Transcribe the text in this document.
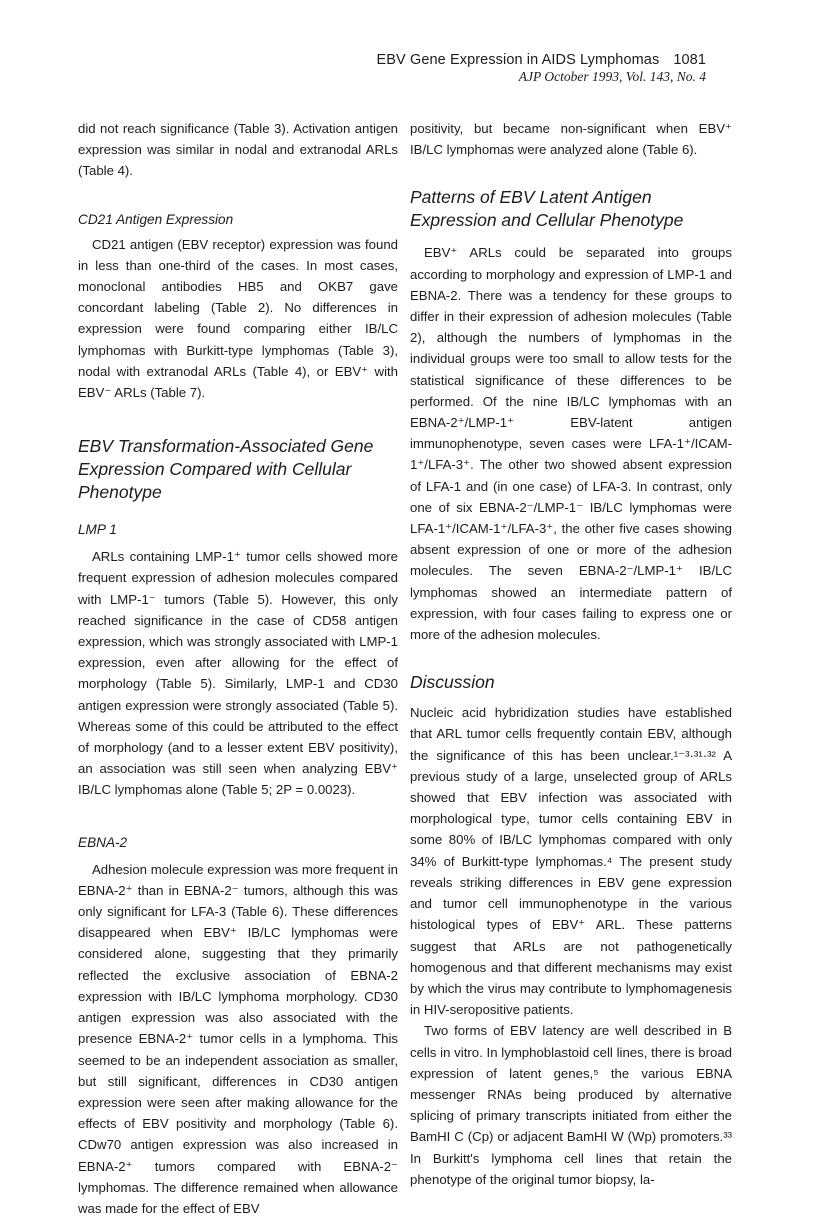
EBV Gene Expression in AIDS Lymphomas 1081
AJP October 1993, Vol. 143, No. 4

did not reach significance (Table 3). Activation antigen expression was similar in nodal and extranodal ARLs (Table 4).

CD21 Antigen Expression

CD21 antigen (EBV receptor) expression was found in less than one-third of the cases. In most cases, monoclonal antibodies HB5 and OKB7 gave concordant labeling (Table 2). No differences in expression were found comparing either IB/LC lymphomas with Burkitt-type lymphomas (Table 3), nodal with extranodal ARLs (Table 4), or EBV⁺ with EBV⁻ ARLs (Table 7).

EBV Transformation-Associated Gene Expression Compared with Cellular Phenotype

LMP 1

ARLs containing LMP-1⁺ tumor cells showed more frequent expression of adhesion molecules compared with LMP-1⁻ tumors (Table 5). However, this only reached significance in the case of CD58 antigen expression, which was strongly associated with LMP-1 expression, even after allowing for the effect of morphology (Table 5). Similarly, LMP-1 and CD30 antigen expression were strongly associated (Table 5). Whereas some of this could be attributed to the effect of morphology (and to a lesser extent EBV positivity), an association was still seen when analyzing EBV⁺ IB/LC lymphomas alone (Table 5; 2P = 0.0023).

EBNA-2

Adhesion molecule expression was more frequent in EBNA-2⁺ than in EBNA-2⁻ tumors, although this was only significant for LFA-3 (Table 6). These differences disappeared when EBV⁺ IB/LC lymphomas were considered alone, suggesting that they primarily reflected the exclusive association of EBNA-2 expression with IB/LC lymphoma morphology. CD30 antigen expression was also associated with the presence EBNA-2⁺ tumor cells in a lymphoma. This seemed to be an independent association as smaller, but still significant, differences in CD30 antigen expression were seen after making allowance for the effects of EBV positivity and morphology (Table 6). CDw70 antigen expression was also increased in EBNA-2⁺ tumors compared with EBNA-2⁻ lymphomas. The difference remained when allowance was made for the effect of EBV

positivity, but became non-significant when EBV⁺ IB/LC lymphomas were analyzed alone (Table 6).

Patterns of EBV Latent Antigen Expression and Cellular Phenotype

EBV⁺ ARLs could be separated into groups according to morphology and expression of LMP-1 and EBNA-2. There was a tendency for these groups to differ in their expression of adhesion molecules (Table 2), although the numbers of lymphomas in the individual groups were too small to allow tests for the statistical significance of these differences to be performed. Of the nine IB/LC lymphomas with an EBNA-2⁺/LMP-1⁺ EBV-latent antigen immunophenotype, seven cases were LFA-1⁺/ICAM-1⁺/LFA-3⁺. The other two showed absent expression of LFA-1 and (in one case) of LFA-3. In contrast, only one of six EBNA-2⁻/LMP-1⁻ IB/LC lymphomas were LFA-1⁺/ICAM-1⁺/LFA-3⁺, the other five cases showing absent expression of one or more of the adhesion molecules. The seven EBNA-2⁻/LMP-1⁺ IB/LC lymphomas showed an intermediate pattern of expression, with four cases failing to express one or more of the adhesion molecules.

Discussion

Nucleic acid hybridization studies have established that ARL tumor cells frequently contain EBV, although the significance of this has been unclear.¹⁻³·³¹·³² A previous study of a large, unselected group of ARLs showed that EBV infection was associated with morphological type, tumor cells containing EBV in some 80% of IB/LC lymphomas compared with only 34% of Burkitt-type lymphomas.⁴ The present study reveals striking differences in EBV gene expression and tumor cell immunophenotype in the various histological types of EBV⁺ ARL. These patterns suggest that ARLs are not pathogenetically homogenous and that different mechanisms may exist by which the virus may contribute to lymphomagenesis in HIV-seropositive patients.

Two forms of EBV latency are well described in B cells in vitro. In lymphoblastoid cell lines, there is broad expression of latent genes,⁵ the various EBNA messenger RNAs being produced by alternative splicing of primary transcripts initiated from either the BamHI C (Cp) or adjacent BamHI W (Wp) promoters.³³ In Burkitt's lymphoma cell lines that retain the phenotype of the original tumor biopsy, la-
